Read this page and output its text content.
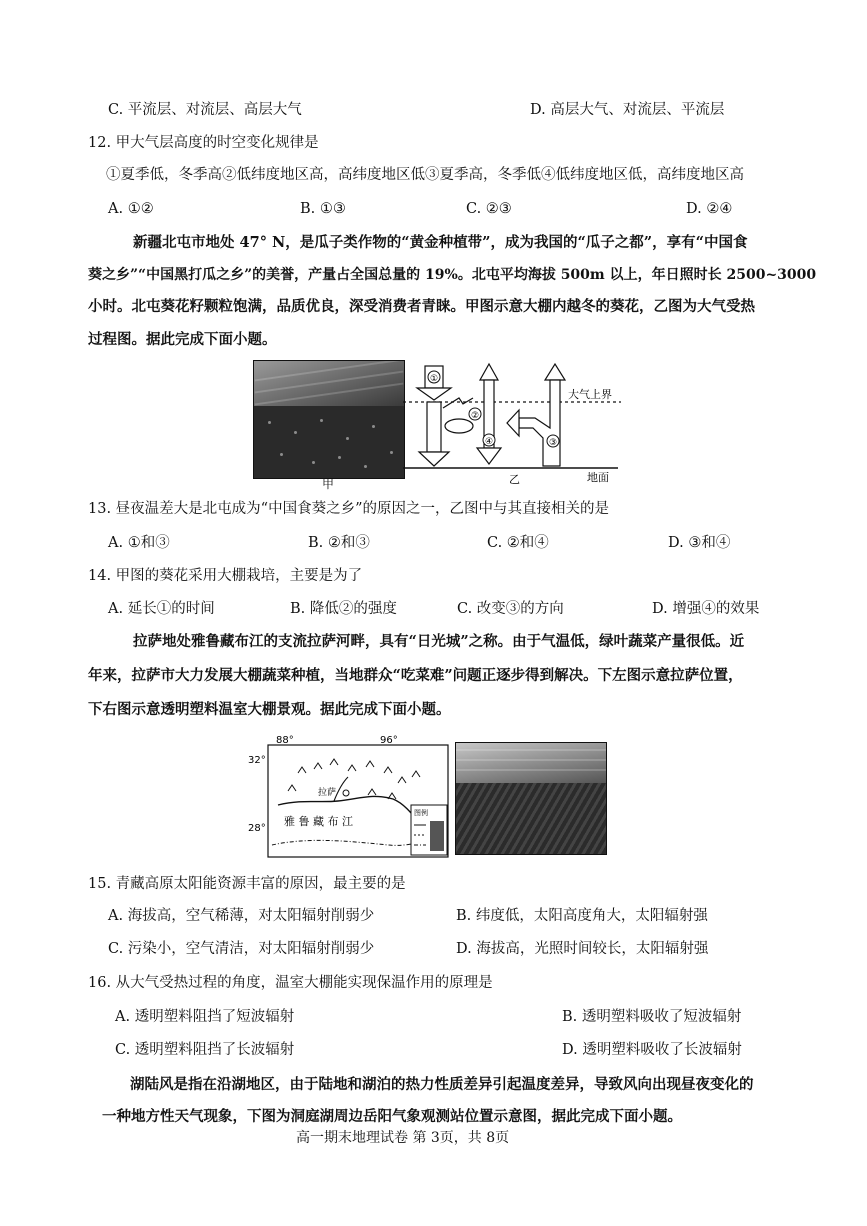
C. 平流层、对流层、高层大气	D. 高层大气、对流层、平流层
12. 甲大气层高度的时空变化规律是
①夏季低，冬季高②低纬度地区高，高纬度地区低③夏季高，冬季低④低纬度地区低，高纬度地区高
A. ①②	B. ①③	C. ②③	D. ②④
新疆北屯市地处 47° N，是瓜子类作物的“黄金种植带”，成为我国的“瓜子之都”，享有“中国食
葵之乡”“中国黑打瓜之乡”的美誉，产量占全国总量的 19%。北屯平均海拔 500m 以上，年日照时长 2500~3000
小时。北屯葵花籽颗粒饱满，品质优良，深受消费者青睐。甲图示意大棚内越冬的葵花，乙图为大气受热
过程图。据此完成下面小题。
甲
①
②
④	③
大气上界
地面
乙
13. 昼夜温差大是北屯成为“中国食葵之乡”的原因之一，乙图中与其直接相关的是
A. ①和③	B. ②和③	C. ②和④	D. ③和④
14. 甲图的葵花采用大棚栽培，主要是为了
A. 延长①的时间	B. 降低②的强度	C. 改变③的方向	D. 增强④的效果
拉萨地处雅鲁藏布江的支流拉萨河畔，具有“日光城”之称。由于气温低，绿叶蔬菜产量很低。近
年来，拉萨市大力发展大棚蔬菜种植，当地群众“吃菜难”问题正逐步得到解决。下左图示意拉萨位置，
下右图示意透明塑料温室大棚景观。据此完成下面小题。
88°	96°
32°
28°
拉萨
雅 鲁 藏 布 江
图例
15. 青藏高原太阳能资源丰富的原因，最主要的是
A. 海拔高，空气稀薄，对太阳辐射削弱少	B. 纬度低，太阳高度角大，太阳辐射强
C. 污染小，空气清洁，对太阳辐射削弱少	D. 海拔高，光照时间较长，太阳辐射强
16. 从大气受热过程的角度，温室大棚能实现保温作用的原理是
A. 透明塑料阻挡了短波辐射	B. 透明塑料吸收了短波辐射
C. 透明塑料阻挡了长波辐射	D. 透明塑料吸收了长波辐射
湖陆风是指在沿湖地区，由于陆地和湖泊的热力性质差异引起温度差异，导致风向出现昼夜变化的
一种地方性天气现象，下图为洞庭湖周边岳阳气象观测站位置示意图，据此完成下面小题。
高一期末地理试卷 第 3页，共 8页
